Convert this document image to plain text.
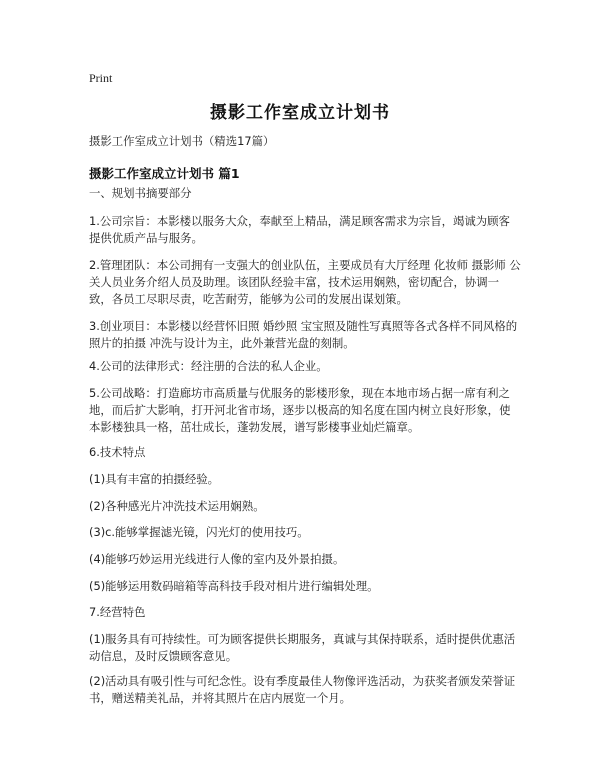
Print
摄影工作室成立计划书

摄影工作室成立计划书（精选17篇）

摄影工作室成立计划书 篇1

一、规划书摘要部分

1.公司宗旨：本影楼以服务大众，奉献至上精品，满足顾客需求为宗旨，竭诚为顾客 提供优质产品与服务。

2.管理团队：本公司拥有一支强大的创业队伍，主要成员有大厅经理 化妆师 摄影师 公关人员业务介绍人员及助理。该团队经验丰富，技术运用娴熟，密切配合，协调一致，各员工尽职尽责，吃苦耐劳，能够为公司的发展出谋划策。

3.创业项目：本影楼以经营怀旧照 婚纱照 宝宝照及随性写真照等各式各样不同风格的照片的拍摄 冲洗与设计为主，此外兼营光盘的刻制。

4.公司的法律形式：经注册的合法的私人企业。

5.公司战略：打造廊坊市高质量与优服务的影楼形象，现在本地市场占据一席有利之地，而后扩大影响，打开河北省市场，逐步以极高的知名度在国内树立良好形象，使本影楼独具一格，茁壮成长，蓬勃发展，谱写影楼事业灿烂篇章。

6.技术特点

(1)具有丰富的拍摄经验。

(2)各种感光片冲洗技术运用娴熟。

(3)c.能够掌握滤光镜，闪光灯的使用技巧。

(4)能够巧妙运用光线进行人像的室内及外景拍摄。

(5)能够运用数码暗箱等高科技手段对相片进行编辑处理。

7.经营特色

(1)服务具有可持续性。可为顾客提供长期服务，真诚与其保持联系，适时提供优惠活动信息，及时反馈顾客意见。

(2)活动具有吸引性与可纪念性。设有季度最佳人物像评选活动，为获奖者颁发荣誉证书，赠送精美礼品，并将其照片在店内展览一个月。
